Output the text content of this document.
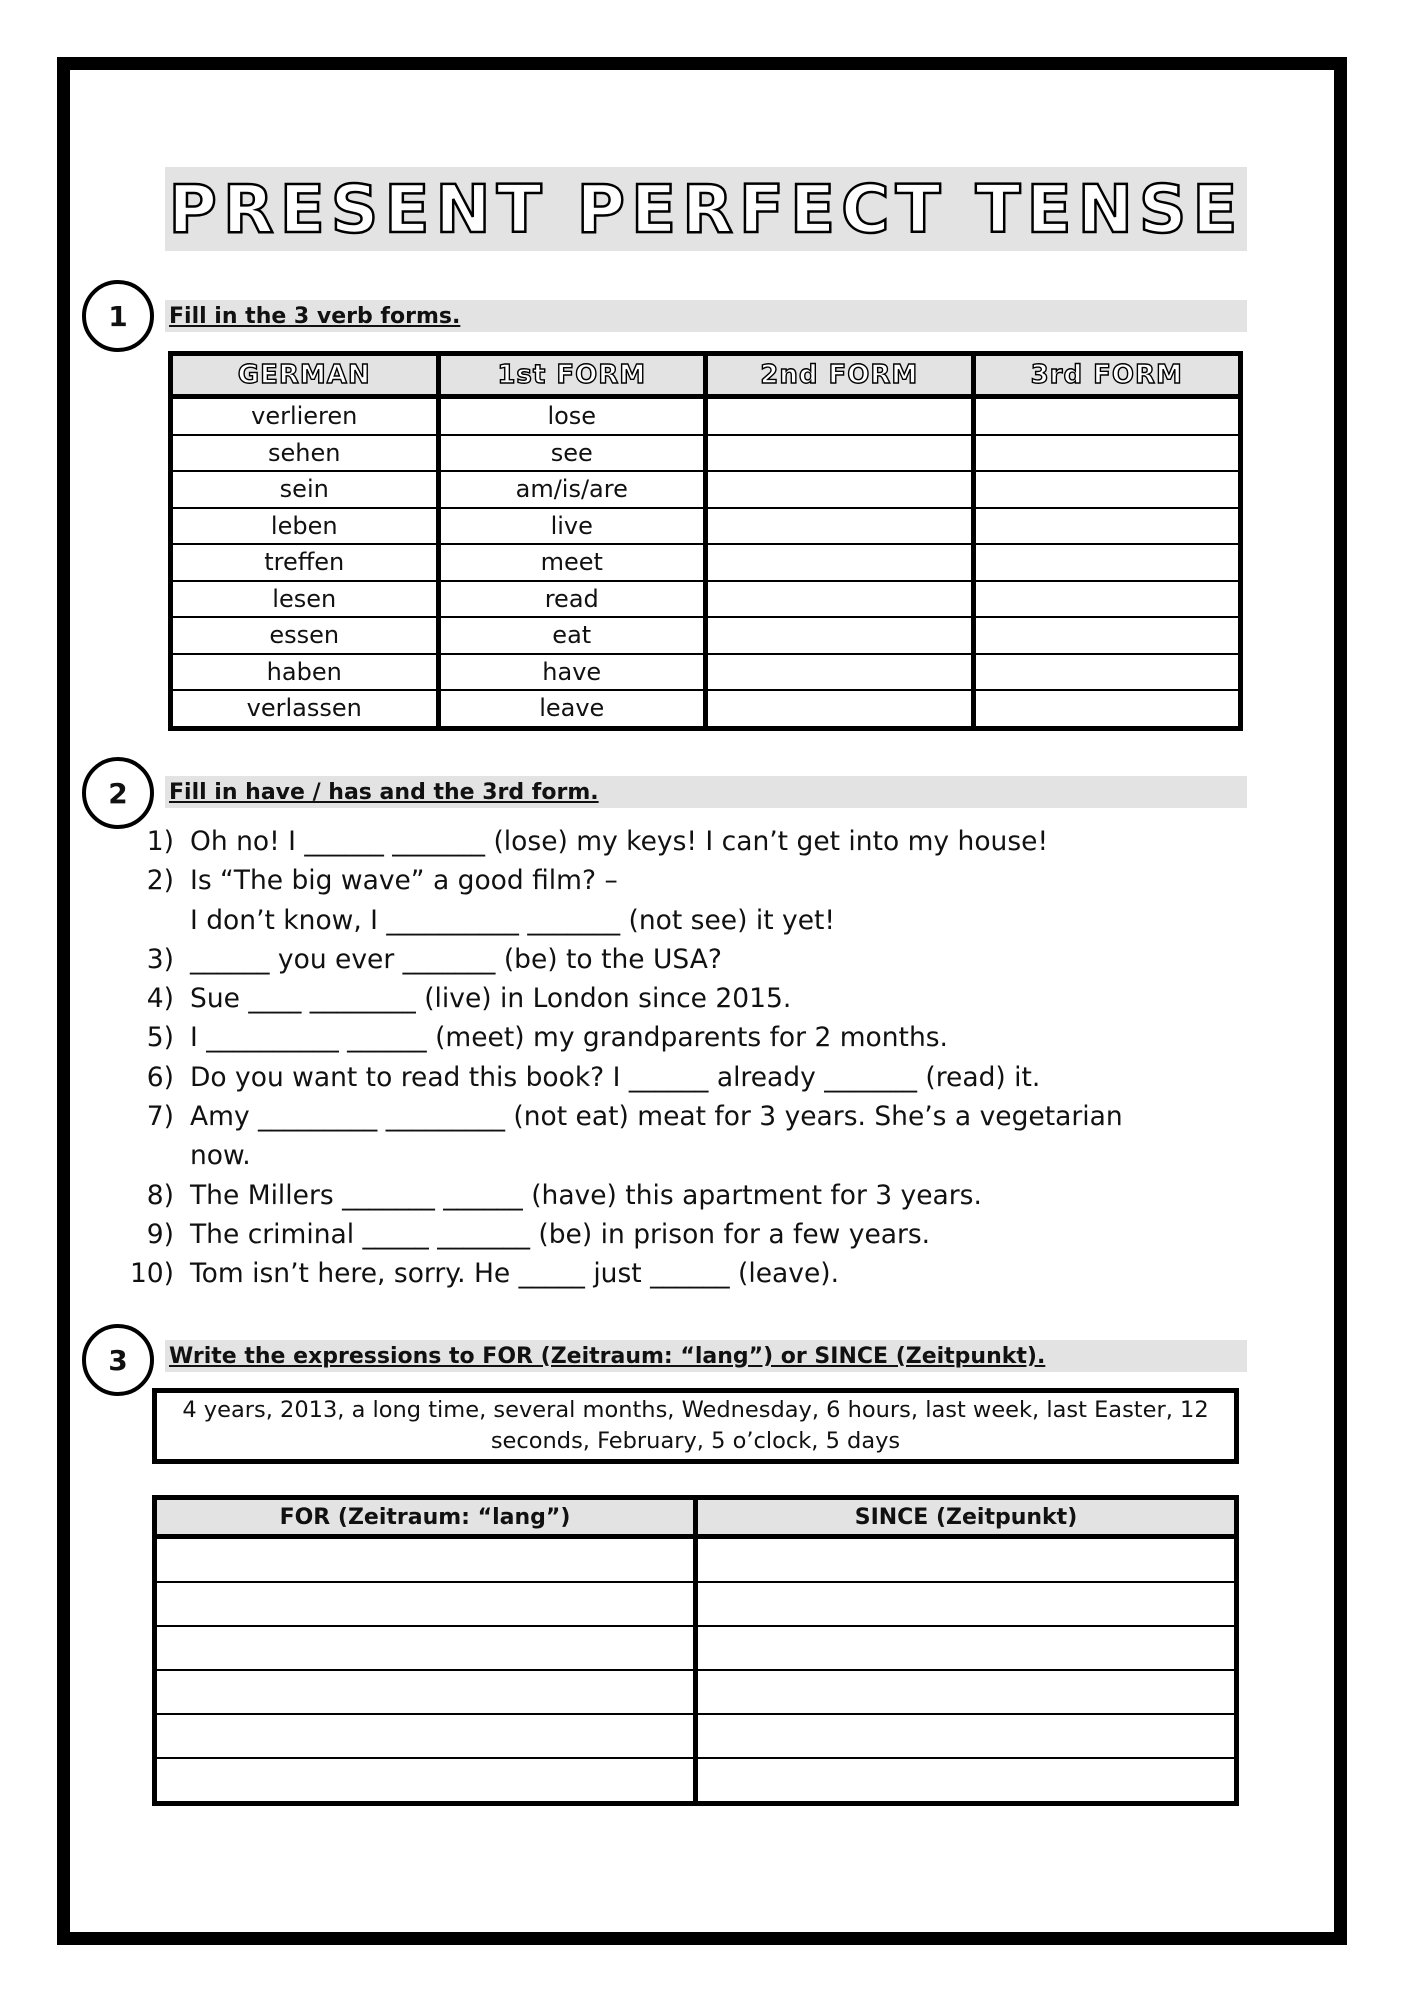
PRESENT PERFECT TENSE
1	Fill in the 3 verb forms.
GERMAN	1st FORM	2nd FORM	3rd FORM
verlieren	lose		
sehen	see		
sein	am/is/are		
leben	live		
treffen	meet		
lesen	read		
essen	eat		
haben	have		
verlassen	leave		
2	Fill in have / has and the 3rd form.
1) Oh no! I ______ _______ (lose) my keys! I can’t get into my house!
2) Is “The big wave” a good film? –
I don’t know, I __________ _______ (not see) it yet!
3) ______ you ever _______ (be) to the USA?
4) Sue ____ ________ (live) in London since 2015.
5) I __________ ______ (meet) my grandparents for 2 months.
6) Do you want to read this book? I ______ already _______ (read) it.
7) Amy _________ _________ (not eat) meat for 3 years. She’s a vegetarian
now.
8) The Millers _______ ______ (have) this apartment for 3 years.
9) The criminal _____ _______ (be) in prison for a few years.
10) Tom isn’t here, sorry. He _____ just ______ (leave).
3	Write the expressions to FOR (Zeitraum: “lang”) or SINCE (Zeitpunkt).
4 years, 2013, a long time, several months, Wednesday, 6 hours, last week, last Easter, 12 seconds, February, 5 o’clock, 5 days
FOR (Zeitraum: “lang”)	SINCE (Zeitpunkt)
